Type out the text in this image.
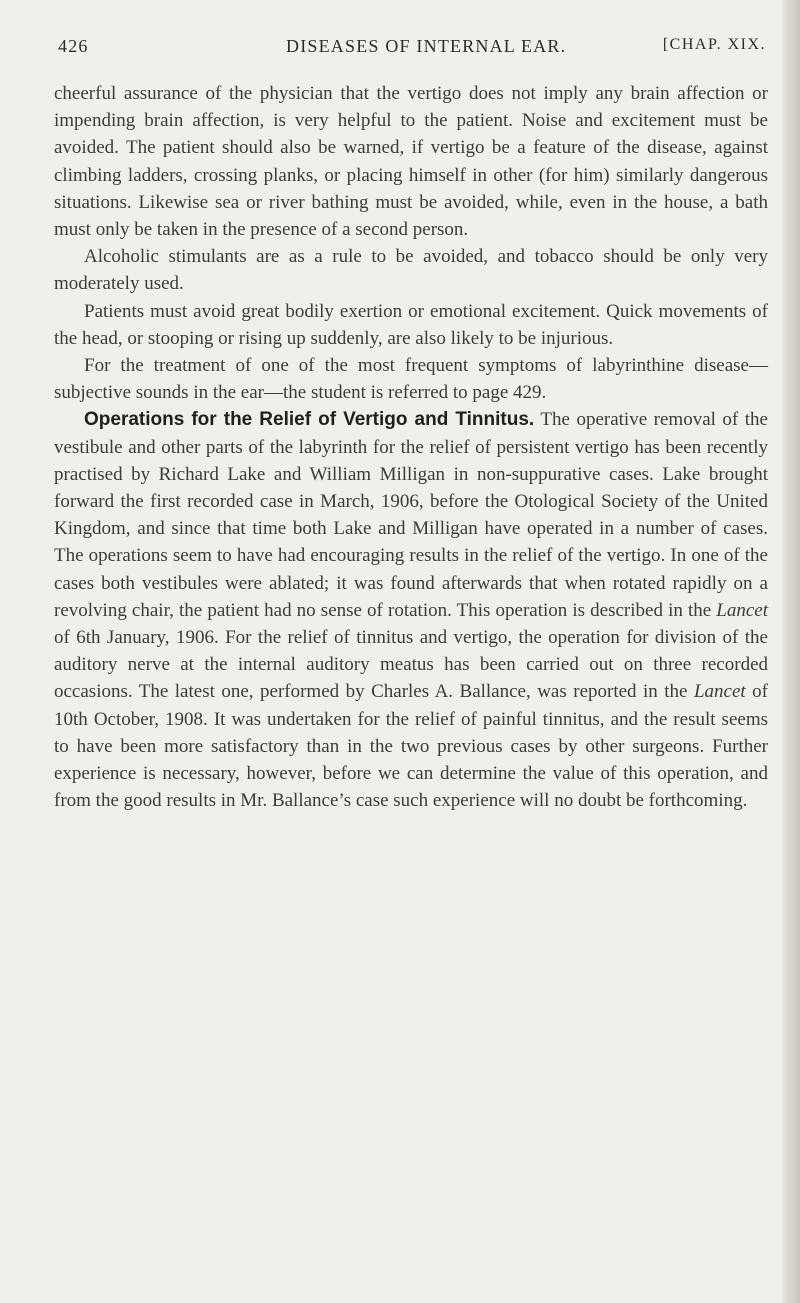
426	DISEASES OF INTERNAL EAR.	[CHAP. XIX.

cheerful assurance of the physician that the vertigo does not imply any brain affection or impending brain affection, is very helpful to the patient. Noise and excitement must be avoided. The patient should also be warned, if vertigo be a feature of the disease, against climbing ladders, crossing planks, or placing himself in other (for him) similarly dangerous situations. Likewise sea or river bathing must be avoided, while, even in the house, a bath must only be taken in the presence of a second person.

Alcoholic stimulants are as a rule to be avoided, and tobacco should be only very moderately used.

Patients must avoid great bodily exertion or emotional excitement. Quick movements of the head, or stooping or rising up suddenly, are also likely to be injurious.

For the treatment of one of the most frequent symptoms of labyrinthine disease—subjective sounds in the ear—the student is referred to page 429.

Operations for the Relief of Vertigo and Tinnitus. The operative removal of the vestibule and other parts of the labyrinth for the relief of persistent vertigo has been recently practised by Richard Lake and William Milligan in non-suppurative cases. Lake brought forward the first recorded case in March, 1906, before the Otological Society of the United Kingdom, and since that time both Lake and Milligan have operated in a number of cases. The operations seem to have had encouraging results in the relief of the vertigo. In one of the cases both vestibules were ablated; it was found afterwards that when rotated rapidly on a revolving chair, the patient had no sense of rotation. This operation is described in the Lancet of 6th January, 1906. For the relief of tinnitus and vertigo, the operation for division of the auditory nerve at the internal auditory meatus has been carried out on three recorded occasions. The latest one, performed by Charles A. Ballance, was reported in the Lancet of 10th October, 1908. It was undertaken for the relief of painful tinnitus, and the result seems to have been more satisfactory than in the two previous cases by other surgeons. Further experience is necessary, however, before we can determine the value of this operation, and from the good results in Mr. Ballance’s case such experience will no doubt be forthcoming.
